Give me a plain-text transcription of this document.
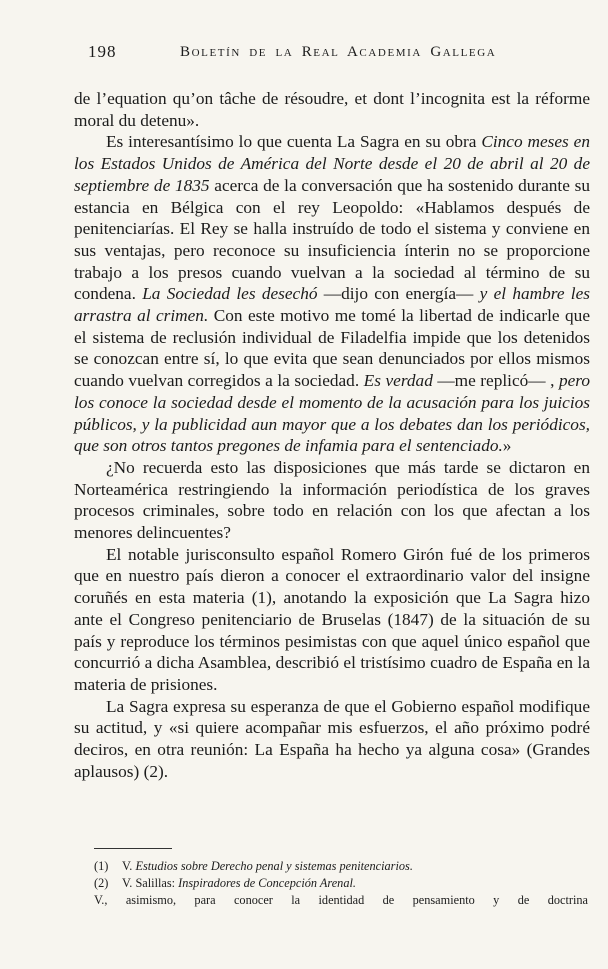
198	Boletín de la Real Academia Gallega

de l’equation qu’on tâche de résoudre, et dont l’incognita est la réforme moral du detenu».

Es interesantísimo lo que cuenta La Sagra en su obra Cinco meses en los Estados Unidos de América del Norte desde el 20 de abril al 20 de septiembre de 1835 acerca de la conversación que ha sostenido durante su estancia en Bélgica con el rey Leopoldo: «Hablamos después de penitenciarías. El Rey se halla instruído de todo el sistema y conviene en sus ventajas, pero reconoce su insuficiencia ínterin no se proporcione trabajo a los presos cuando vuelvan a la sociedad al término de su condena. La Sociedad les desechó —dijo con energía— y el hambre les arrastra al crimen. Con este motivo me tomé la libertad de indicarle que el sistema de reclusión individual de Filadelfia impide que los detenidos se conozcan entre sí, lo que evita que sean denunciados por ellos mismos cuando vuelvan corregidos a la sociedad. Es verdad —me replicó— , pero los conoce la sociedad desde el momento de la acusación para los juicios públicos, y la publicidad aun mayor que a los debates dan los periódicos, que son otros tantos pregones de infamia para el sentenciado.»

¿No recuerda esto las disposiciones que más tarde se dictaron en Norteamérica restringiendo la información periodística de los graves procesos criminales, sobre todo en relación con los que afectan a los menores delincuentes?

El notable jurisconsulto español Romero Girón fué de los primeros que en nuestro país dieron a conocer el extraordinario valor del insigne coruñés en esta materia (1), anotando la exposición que La Sagra hizo ante el Congreso penitenciario de Bruselas (1847) de la situación de su país y reproduce los términos pesimistas con que aquel único español que concurrió a dicha Asamblea, describió el tristísimo cuadro de España en la materia de prisiones.

La Sagra expresa su esperanza de que el Gobierno español modifique su actitud, y «si quiere acompañar mis esfuerzos, el año próximo podré deciros, en otra reunión: La España ha hecho ya alguna cosa» (Grandes aplausos) (2).

(1) V. Estudios sobre Derecho penal y sistemas penitenciarios.
(2) V. Salillas: Inspiradores de Concepción Arenal.
V., asimismo, para conocer la identidad de pensamiento y de doctrina
